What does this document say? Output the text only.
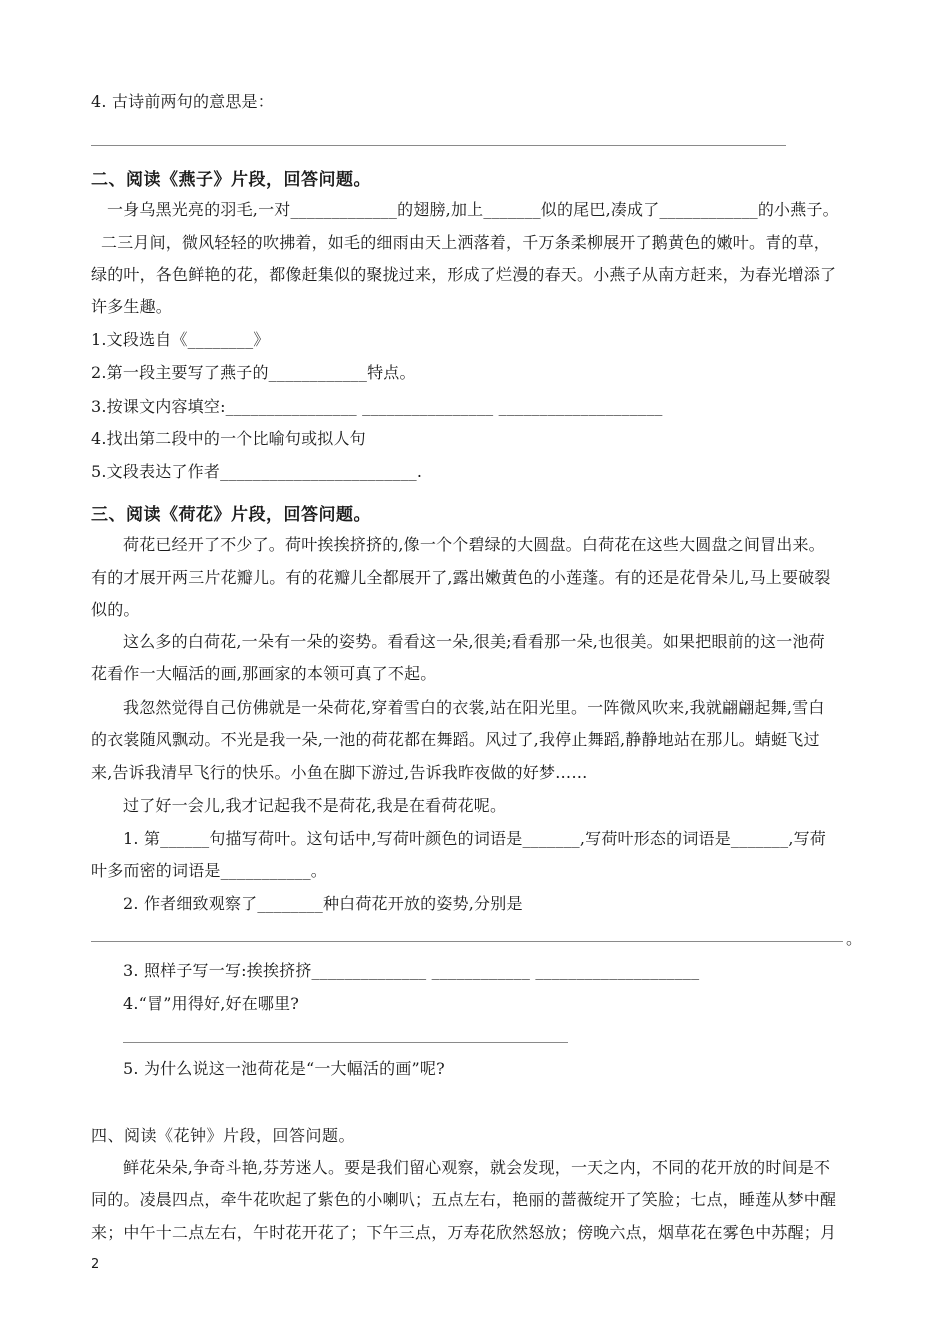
4. 古诗前两句的意思是：
二、阅读《燕子》片段，回答问题。
一身乌黑光亮的羽毛,一对_____________的翅膀,加上_______似的尾巴,凑成了____________的小燕子。
二三月间，微风轻轻的吹拂着，如毛的细雨由天上洒落着，千万条柔柳展开了鹅黄色的嫩叶。青的草，
绿的叶，各色鲜艳的花，都像赶集似的聚拢过来，形成了烂漫的春天。小燕子从南方赶来，为春光增添了
许多生趣。
1.文段选自《________》
2.第一段主要写了燕子的____________特点。
3.按课文内容填空:________________ ________________ ____________________
4.找出第二段中的一个比喻句或拟人句
5.文段表达了作者________________________.
三、阅读《荷花》片段，回答问题。
荷花已经开了不少了。荷叶挨挨挤挤的,像一个个碧绿的大圆盘。白荷花在这些大圆盘之间冒出来。
有的才展开两三片花瓣儿。有的花瓣儿全都展开了,露出嫩黄色的小莲蓬。有的还是花骨朵儿,马上要破裂
似的。
这么多的白荷花,一朵有一朵的姿势。看看这一朵,很美;看看那一朵,也很美。如果把眼前的这一池荷
花看作一大幅活的画,那画家的本领可真了不起。
我忽然觉得自己仿佛就是一朵荷花,穿着雪白的衣裳,站在阳光里。一阵微风吹来,我就翩翩起舞,雪白
的衣裳随风飘动。不光是我一朵,一池的荷花都在舞蹈。风过了,我停止舞蹈,静静地站在那儿。蜻蜓飞过
来,告诉我清早飞行的快乐。小鱼在脚下游过,告诉我昨夜做的好梦……
过了好一会儿,我才记起我不是荷花,我是在看荷花呢。
1. 第______句描写荷叶。这句话中,写荷叶颜色的词语是_______,写荷叶形态的词语是_______,写荷
叶多而密的词语是___________。
2. 作者细致观察了________种白荷花开放的姿势,分别是
。
3. 照样子写一写:挨挨挤挤______________ ____________ ____________________
4.“冒”用得好,好在哪里?
5. 为什么说这一池荷花是“一大幅活的画”呢?
四、阅读《花钟》片段，回答问题。
鲜花朵朵,争奇斗艳,芬芳迷人。要是我们留心观察，就会发现，一天之内，不同的花开放的时间是不
同的。凌晨四点，牵牛花吹起了紫色的小喇叭；五点左右，艳丽的蔷薇绽开了笑脸；七点，睡莲从梦中醒
来；中午十二点左右，午时花开花了；下午三点，万寿花欣然怒放；傍晚六点，烟草花在雾色中苏醒；月
2
